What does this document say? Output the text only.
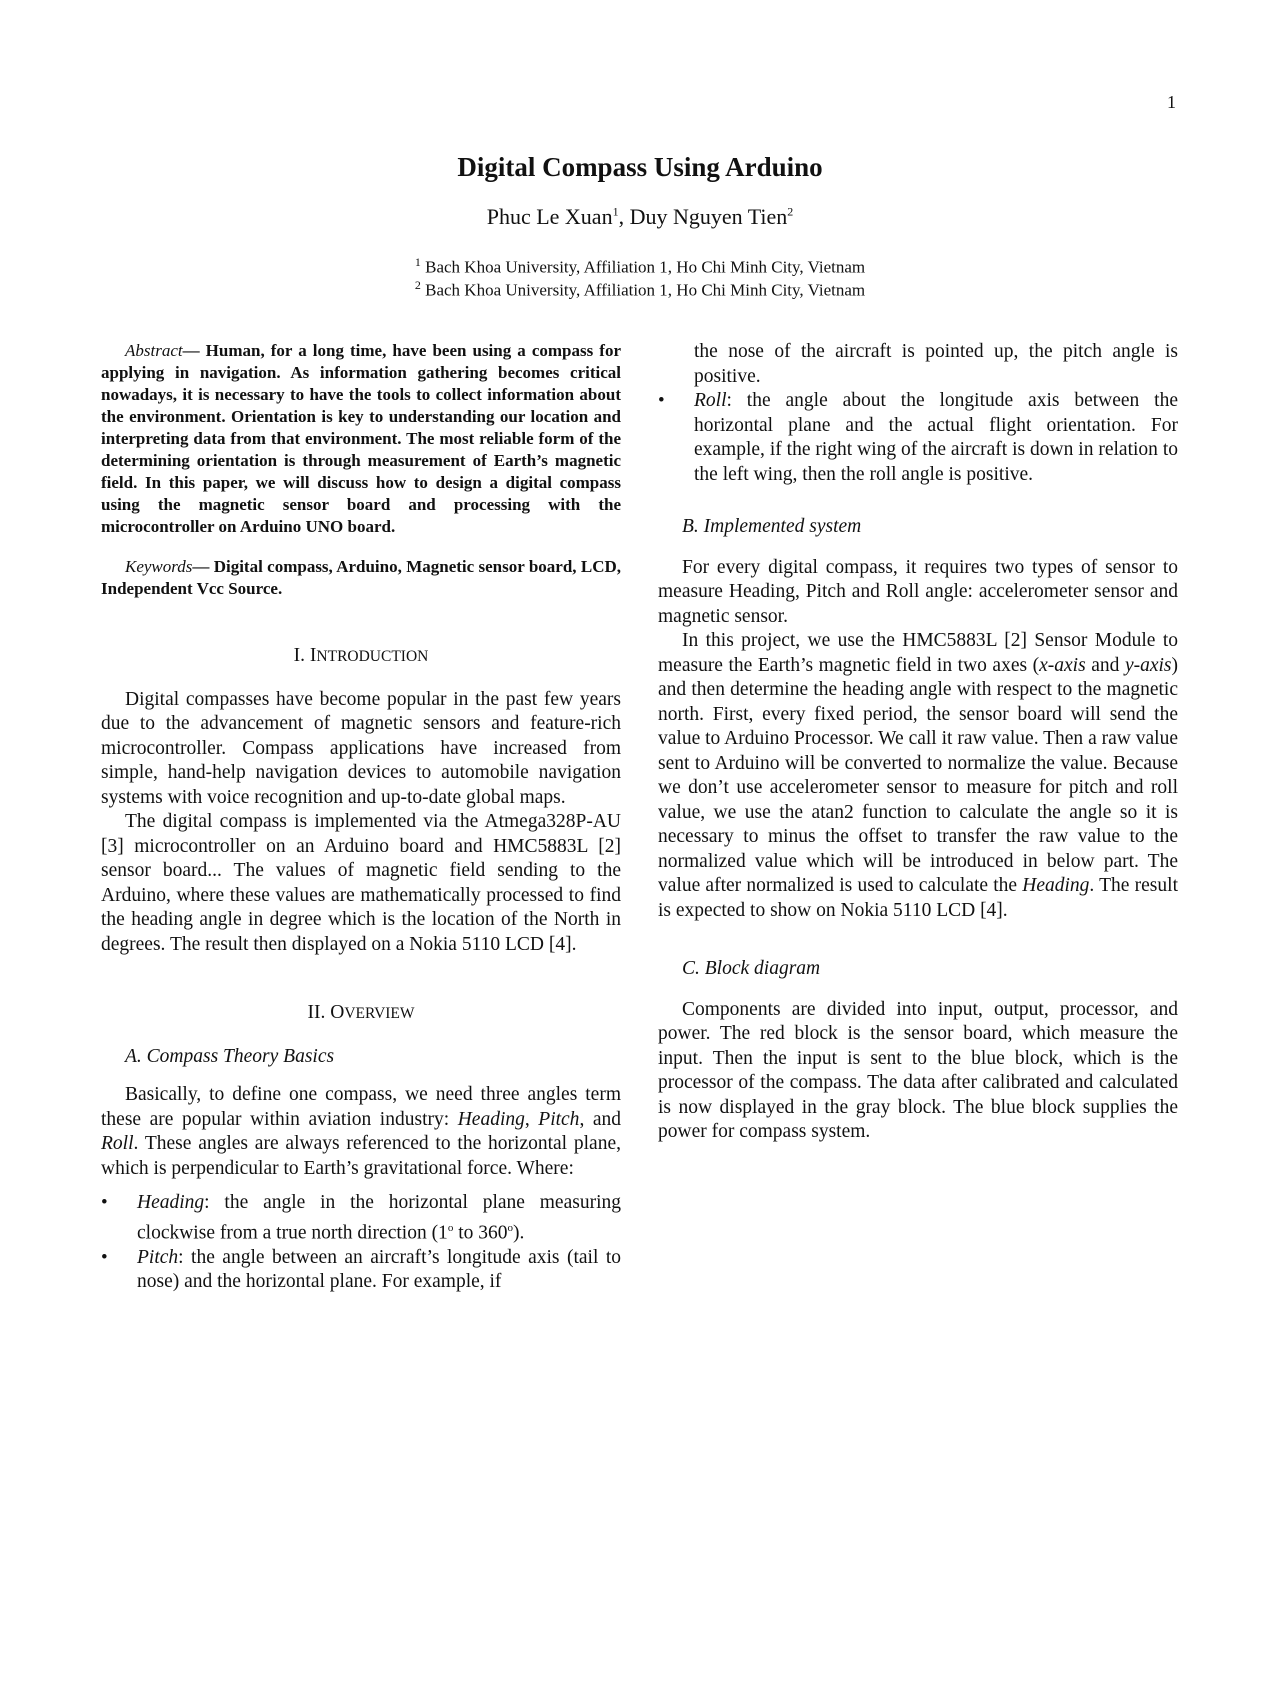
1
Digital Compass Using Arduino
Phuc Le Xuan$^1$, Duy Nguyen Tien$^2$
$^1$ Bach Khoa University, Affiliation 1, Ho Chi Minh City, Vietnam
$^2$ Bach Khoa University, Affiliation 1, Ho Chi Minh City, Vietnam

Abstract— Human, for a long time, have been using a compass for applying in navigation. As information gathering becomes critical nowadays, it is necessary to have the tools to collect information about the environment. Orientation is key to understanding our location and interpreting data from that environment. The most reliable form of the determining orientation is through measurement of Earth’s magnetic field. In this paper, we will discuss how to design a digital compass using the magnetic sensor board and processing with the microcontroller on Arduino UNO board.

Keywords— Digital compass, Arduino, Magnetic sensor board, LCD, Independent Vcc Source.

I. INTRODUCTION

Digital compasses have become popular in the past few years due to the advancement of magnetic sensors and feature-rich microcontroller. Compass applications have increased from simple, hand-help navigation devices to automobile navigation systems with voice recognition and up-to-date global maps.

The digital compass is implemented via the Atmega328P-AU [3] microcontroller on an Arduino board and HMC5883L [2] sensor board... The values of magnetic field sending to the Arduino, where these values are mathematically processed to find the heading angle in degree which is the location of the North in degrees. The result then displayed on a Nokia 5110 LCD [4].

II. OVERVIEW

A. Compass Theory Basics

Basically, to define one compass, we need three angles term these are popular within aviation industry: Heading, Pitch, and Roll. These angles are always referenced to the horizontal plane, which is perpendicular to Earth’s gravitational force. Where:

• Heading: the angle in the horizontal plane measuring clockwise from a true north direction (1$^o$ to 360$^o$).
• Pitch: the angle between an aircraft’s longitude axis (tail to nose) and the horizontal plane. For example, if

the nose of the aircraft is pointed up, the pitch angle is positive.

• Roll: the angle about the longitude axis between the horizontal plane and the actual flight orientation. For example, if the right wing of the aircraft is down in relation to the left wing, then the roll angle is positive.

B. Implemented system

For every digital compass, it requires two types of sensor to measure Heading, Pitch and Roll angle: accelerometer sensor and magnetic sensor.

In this project, we use the HMC5883L [2] Sensor Module to measure the Earth’s magnetic field in two axes (x-axis and y-axis) and then determine the heading angle with respect to the magnetic north. First, every fixed period, the sensor board will send the value to Arduino Processor. We call it raw value. Then a raw value sent to Arduino will be converted to normalize the value. Because we don’t use accelerometer sensor to measure for pitch and roll value, we use the atan2 function to calculate the angle so it is necessary to minus the offset to transfer the raw value to the normalized value which will be introduced in below part. The value after normalized is used to calculate the Heading. The result is expected to show on Nokia 5110 LCD [4].

C. Block diagram

Components are divided into input, output, processor, and power. The red block is the sensor board, which measure the input. Then the input is sent to the blue block, which is the processor of the compass. The data after calibrated and calculated is now displayed in the gray block. The blue block supplies the power for compass system.
